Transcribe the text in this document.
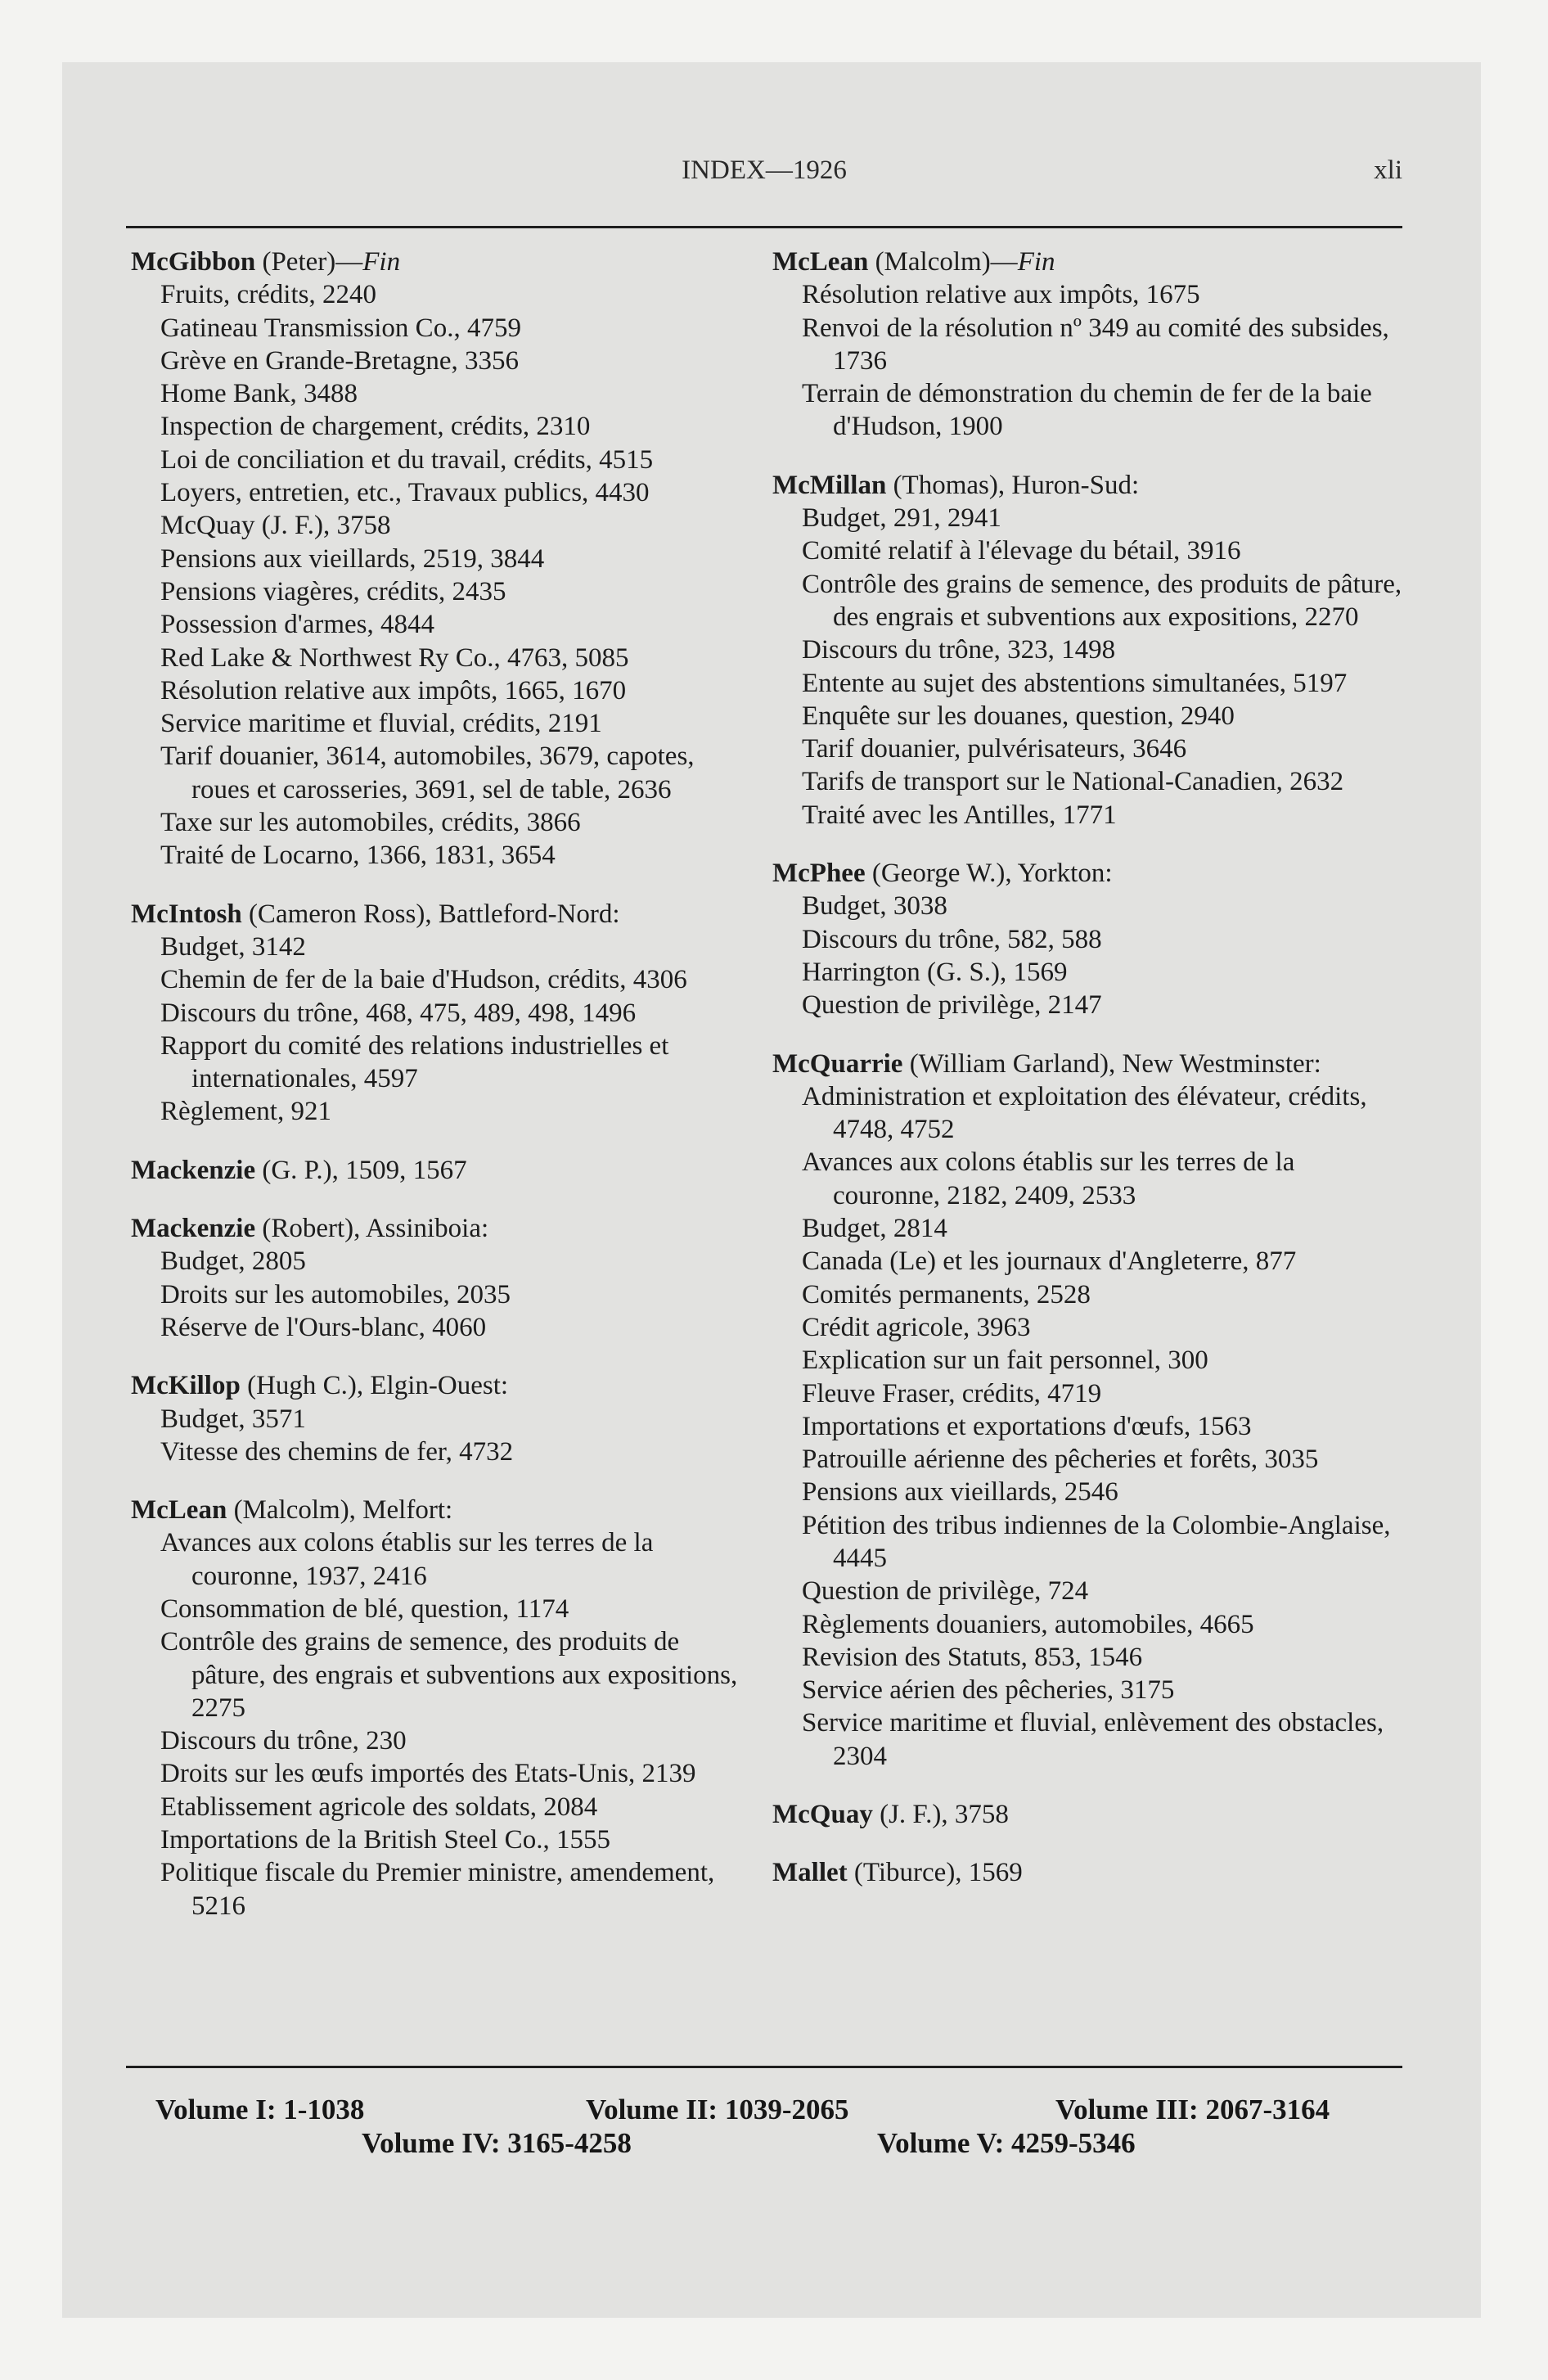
INDEX—1926	xli
McGibbon (Peter)—Fin
Fruits, crédits, 2240
Gatineau Transmission Co., 4759
Grève en Grande-Bretagne, 3356
Home Bank, 3488
Inspection de chargement, crédits, 2310
Loi de conciliation et du travail, crédits, 4515
Loyers, entretien, etc., Travaux publics, 4430
McQuay (J. F.), 3758
Pensions aux vieillards, 2519, 3844
Pensions viagères, crédits, 2435
Possession d'armes, 4844
Red Lake & Northwest Ry Co., 4763, 5085
Résolution relative aux impôts, 1665, 1670
Service maritime et fluvial, crédits, 2191
Tarif douanier, 3614, automobiles, 3679, capotes, roues et carosseries, 3691, sel de table, 2636
Taxe sur les automobiles, crédits, 3866
Traité de Locarno, 1366, 1831, 3654
McIntosh (Cameron Ross), Battleford-Nord:
Budget, 3142
Chemin de fer de la baie d'Hudson, crédits, 4306
Discours du trône, 468, 475, 489, 498, 1496
Rapport du comité des relations industrielles et internationales, 4597
Règlement, 921
Mackenzie (G. P.), 1509, 1567
Mackenzie (Robert), Assiniboia:
Budget, 2805
Droits sur les automobiles, 2035
Réserve de l'Ours-blanc, 4060
McKillop (Hugh C.), Elgin-Ouest:
Budget, 3571
Vitesse des chemins de fer, 4732
McLean (Malcolm), Melfort:
Avances aux colons établis sur les terres de la couronne, 1937, 2416
Consommation de blé, question, 1174
Contrôle des grains de semence, des produits de pâture, des engrais et subventions aux expositions, 2275
Discours du trône, 230
Droits sur les œufs importés des Etats-Unis, 2139
Etablissement agricole des soldats, 2084
Importations de la British Steel Co., 1555
Politique fiscale du Premier ministre, amendement, 5216
McLean (Malcolm)—Fin
Résolution relative aux impôts, 1675
Renvoi de la résolution nº 349 au comité des subsides, 1736
Terrain de démonstration du chemin de fer de la baie d'Hudson, 1900
McMillan (Thomas), Huron-Sud:
Budget, 291, 2941
Comité relatif à l'élevage du bétail, 3916
Contrôle des grains de semence, des produits de pâture, des engrais et subventions aux expositions, 2270
Discours du trône, 323, 1498
Entente au sujet des abstentions simultanées, 5197
Enquête sur les douanes, question, 2940
Tarif douanier, pulvérisateurs, 3646
Tarifs de transport sur le National-Canadien, 2632
Traité avec les Antilles, 1771
McPhee (George W.), Yorkton:
Budget, 3038
Discours du trône, 582, 588
Harrington (G. S.), 1569
Question de privilège, 2147
McQuarrie (William Garland), New Westminster:
Administration et exploitation des élévateur, crédits, 4748, 4752
Avances aux colons établis sur les terres de la couronne, 2182, 2409, 2533
Budget, 2814
Canada (Le) et les journaux d'Angleterre, 877
Comités permanents, 2528
Crédit agricole, 3963
Explication sur un fait personnel, 300
Fleuve Fraser, crédits, 4719
Importations et exportations d'œufs, 1563
Patrouille aérienne des pêcheries et forêts, 3035
Pensions aux vieillards, 2546
Pétition des tribus indiennes de la Colombie-Anglaise, 4445
Question de privilège, 724
Règlements douaniers, automobiles, 4665
Revision des Statuts, 853, 1546
Service aérien des pêcheries, 3175
Service maritime et fluvial, enlèvement des obstacles, 2304
McQuay (J. F.), 3758
Mallet (Tiburce), 1569
Volume I: 1-1038	Volume II: 1039-2065	Volume III: 2067-3164
Volume IV: 3165-4258	Volume V: 4259-5346
